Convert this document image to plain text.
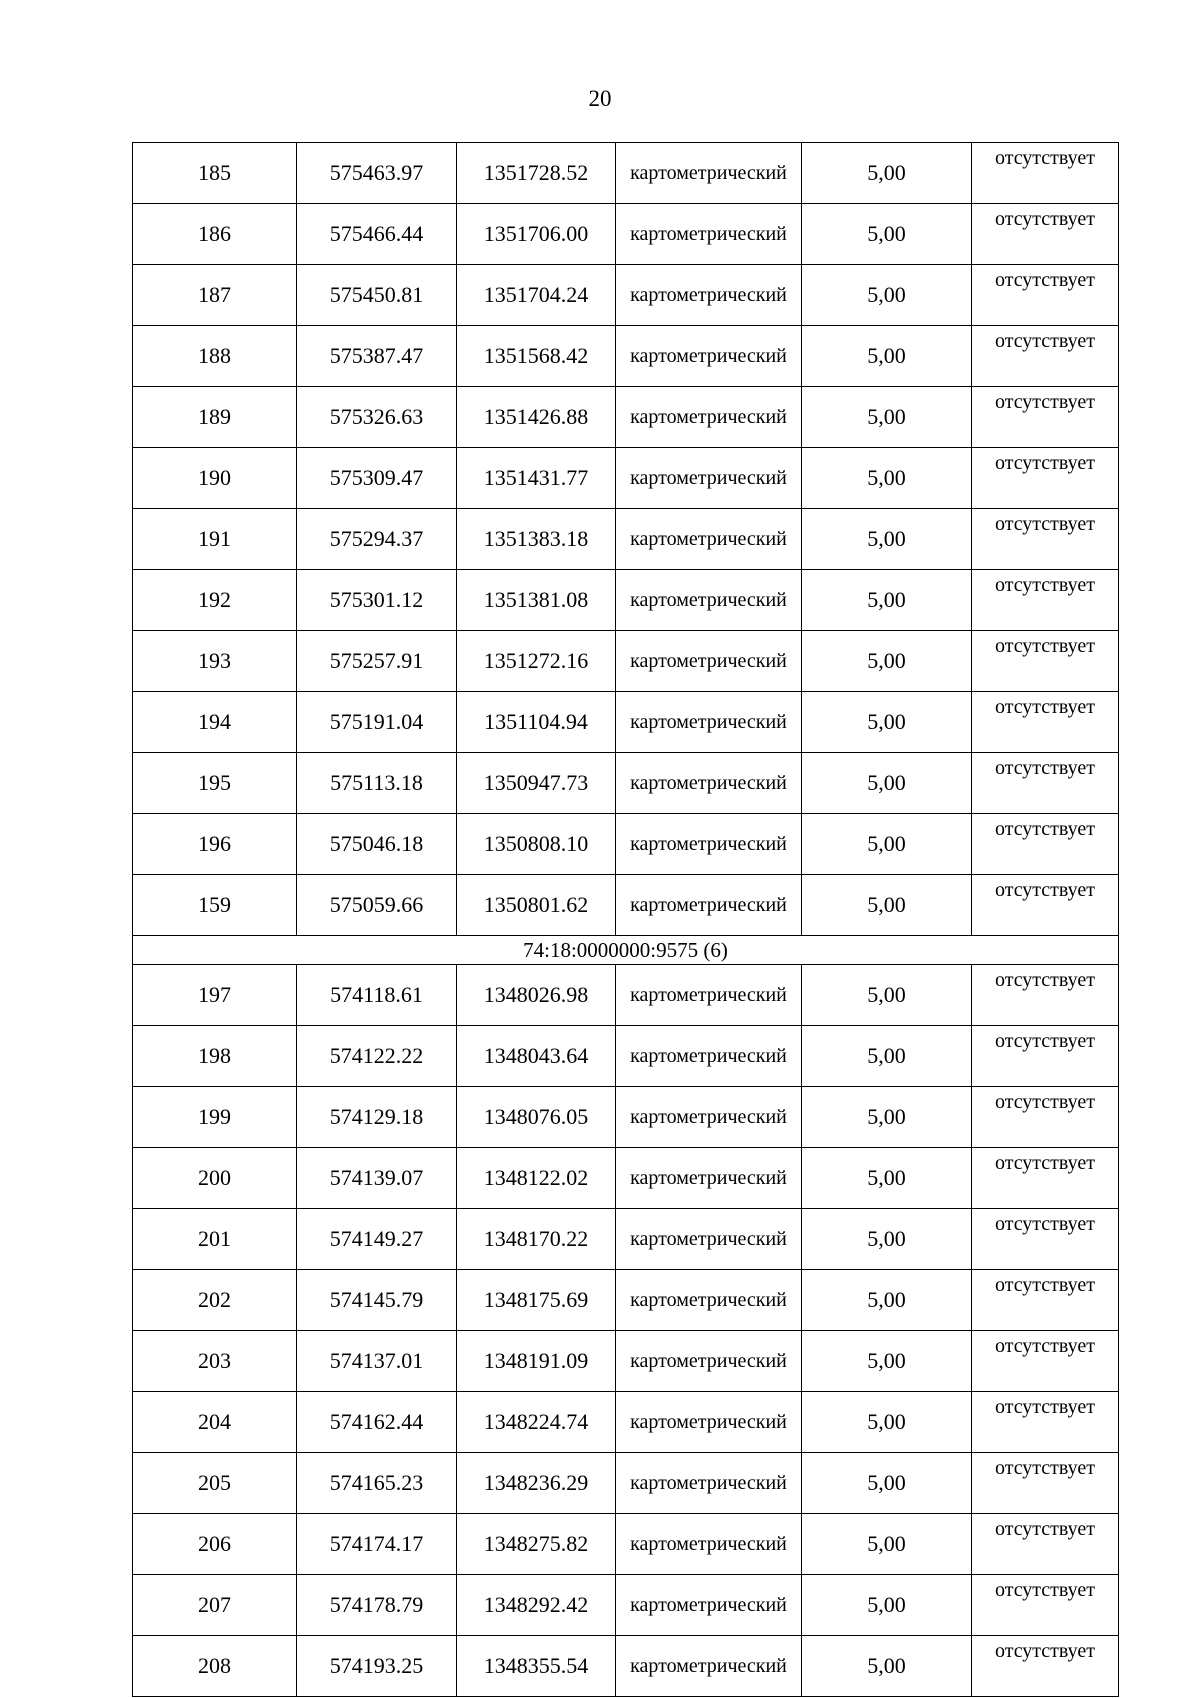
20
185	575463.97	1351728.52	картометрический	5,00	отсутствует
186	575466.44	1351706.00	картометрический	5,00	отсутствует
187	575450.81	1351704.24	картометрический	5,00	отсутствует
188	575387.47	1351568.42	картометрический	5,00	отсутствует
189	575326.63	1351426.88	картометрический	5,00	отсутствует
190	575309.47	1351431.77	картометрический	5,00	отсутствует
191	575294.37	1351383.18	картометрический	5,00	отсутствует
192	575301.12	1351381.08	картометрический	5,00	отсутствует
193	575257.91	1351272.16	картометрический	5,00	отсутствует
194	575191.04	1351104.94	картометрический	5,00	отсутствует
195	575113.18	1350947.73	картометрический	5,00	отсутствует
196	575046.18	1350808.10	картометрический	5,00	отсутствует
159	575059.66	1350801.62	картометрический	5,00	отсутствует
74:18:0000000:9575 (6)					
197	574118.61	1348026.98	картометрический	5,00	отсутствует
198	574122.22	1348043.64	картометрический	5,00	отсутствует
199	574129.18	1348076.05	картометрический	5,00	отсутствует
200	574139.07	1348122.02	картометрический	5,00	отсутствует
201	574149.27	1348170.22	картометрический	5,00	отсутствует
202	574145.79	1348175.69	картометрический	5,00	отсутствует
203	574137.01	1348191.09	картометрический	5,00	отсутствует
204	574162.44	1348224.74	картометрический	5,00	отсутствует
205	574165.23	1348236.29	картометрический	5,00	отсутствует
206	574174.17	1348275.82	картометрический	5,00	отсутствует
207	574178.79	1348292.42	картометрический	5,00	отсутствует
208	574193.25	1348355.54	картометрический	5,00	отсутствует
